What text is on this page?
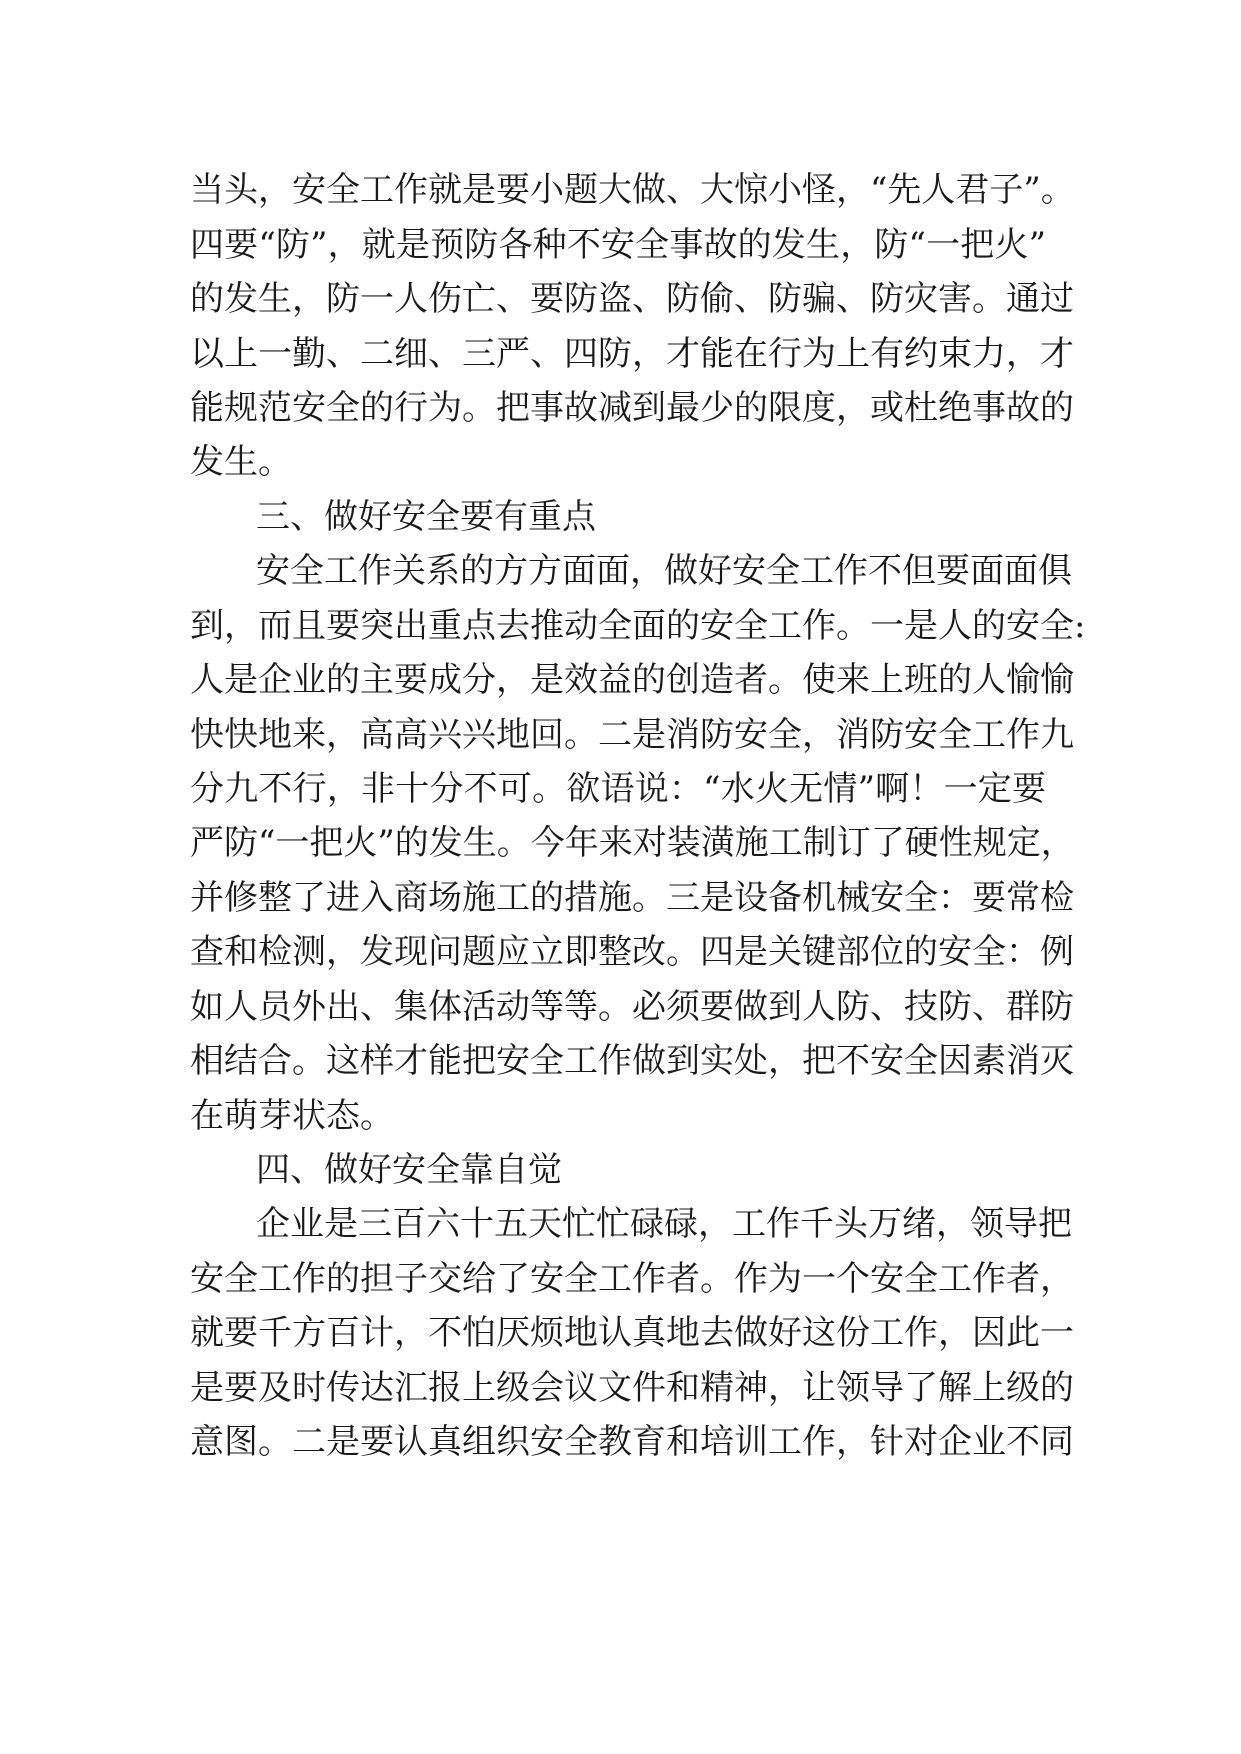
当头，安全工作就是要小题大做、大惊小怪，“先人君子”。

四要“防”，就是预防各种不安全事故的发生，防“一把火”

的发生，防一人伤亡、要防盗、防偷、防骗、防灾害。通过

以上一勤、二细、三严、四防，才能在行为上有约束力，才

能规范安全的行为。把事故减到最少的限度，或杜绝事故的

发生。

三、做好安全要有重点

安全工作关系的方方面面，做好安全工作不但要面面俱

到，而且要突出重点去推动全面的安全工作。一是人的安全:

人是企业的主要成分，是效益的创造者。使来上班的人愉愉

快快地来，高高兴兴地回。二是消防安全，消防安全工作九

分九不行，非十分不可。欲语说：“水火无情”啊！一定要

严防“一把火”的发生。今年来对装潢施工制订了硬性规定，

并修整了进入商场施工的措施。三是设备机械安全：要常检

查和检测，发现问题应立即整改。四是关键部位的安全：例

如人员外出、集体活动等等。必须要做到人防、技防、群防

相结合。这样才能把安全工作做到实处，把不安全因素消灭

在萌芽状态。

四、做好安全靠自觉

企业是三百六十五天忙忙碌碌，工作千头万绪，领导把

安全工作的担子交给了安全工作者。作为一个安全工作者，

就要千方百计，不怕厌烦地认真地去做好这份工作，因此一

是要及时传达汇报上级会议文件和精神，让领导了解上级的

意图。二是要认真组织安全教育和培训工作，针对企业不同
